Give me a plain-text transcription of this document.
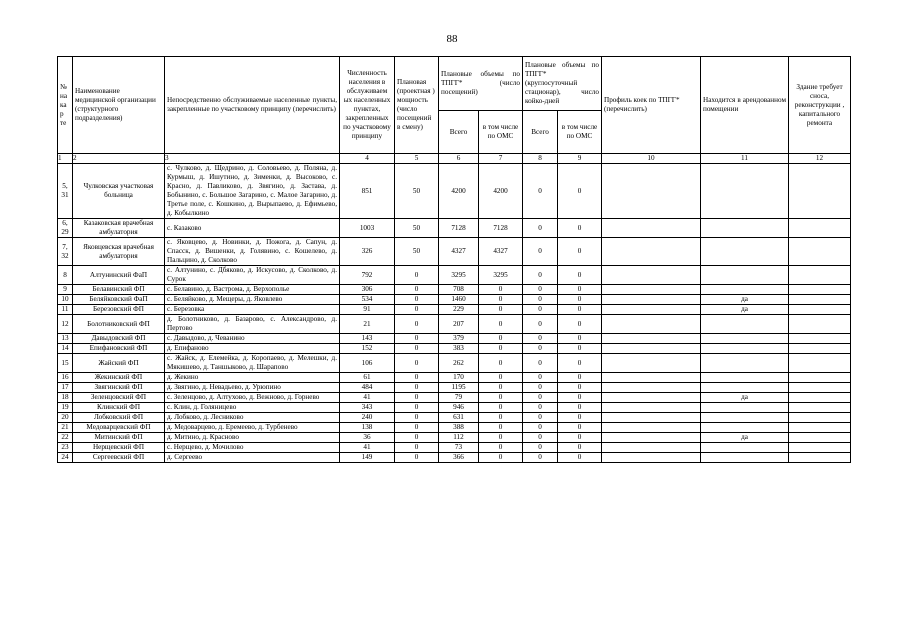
88
№ на кар те	Наименование медицинской организации (структурного подразделения)	Непосредственно обслуживаемые населенные пункты, закрепленные по участковому принципу (перечислить)	Численность населения в обслуживаем ых населенных пунктах, закрепленных по участковому принципу	Плановая (проектная ) мощность (число посещений в смену)	Плановые объемы по ТПГГ* (число посещений)		Плановые объемы по ТПГГ* (круглосуточный стационар), число койко-дней		Профиль коек по ТПГГ* (перечислить)	Находится в арендованном помещении	Здание требует сноса, реконструкции , капитального ремонта
					Всего	в том числе по ОМС	Всего	в том числе по ОМС			
1	2	3	4	5	6	7	8	9	10	11	12
5, 31	Чулковская участковая больница	с. Чулково, д. Щедрино, д. Соловьево, д. Поляна, д. Курмыш, д. Ишутино, д. Зименки, д. Высоково, с. Красно, д. Павликово, д. Звягино, д. Застава, д. Бобынино, с. Большое Загарино, с. Малое Загарино, д. Третье поле, с. Кошкино, д. Вырыпаево, д. Ефимьево, д. Кобылкино	851	50	4200	4200	0	0			
6, 29	Казаковская врачебная амбулатория	с. Казаково	1003	50	7128	7128	0	0			
7, 32	Яковцевская врачебная амбулатория	с. Яковцево, д. Новинки, д. Пожога, д. Сапун, д. Спасск, д. Вишенки, д. Голявино, с. Кошелево, д. Пальцино, д. Сколково	326	50	4327	4327	0	0			
8	Алтунинский ФаП	с. Алтунино, с. Дбяково, д. Искусово, д. Сколково, д. Сурок	792	0	3295	3295	0	0			
9	Белавинский ФП	с. Белавино, д. Вастрома, д. Верхополье	306	0	708	0	0	0			
10	Беляйковский ФаП	с. Беляйково, д. Мещеры, д. Яковлево	534	0	1460	0	0	0		да	
11	Березовский ФП	с. Березовка	91	0	229	0	0	0		да	
12	Болотниковский ФП	д. Болотниково, д. Базарово, с. Александрово, д. Пертово	21	0	207	0	0	0			
13	Давыдовский ФП	с. Давыдово, д. Чеванино	143	0	379	0	0	0			
14	Епифановский ФП	д. Епифаново	152	0	383	0	0	0			
15	Жайский ФП	с. Жайск, д. Елемейка, д. Коропаево, д. Мелешки, д. Мякишево, д. Таншыково, д. Шарапово	106	0	262	0	0	0			
16	Жекинский ФП	д. Жекино	61	0	170	0	0	0			
17	Звягинский ФП	д. Звягино, д. Невадьево, д. Урюпино	484	0	1195	0	0	0			
18	Зеленцовский ФП	с. Зеленцово, д. Алтухово, д. Вежново, д. Горнево	41	0	79	0	0	0		да	
19	Клинский ФП	с. Клин, д. Голяницево	343	0	946	0	0	0			
20	Лобковский ФП	д. Лобково, д. Лесниково	240	0	631	0	0	0			
21	Медоварцевский ФП	д. Медоварцево, д. Еремеево, д. Турбенево	138	0	388	0	0	0			
22	Митинский ФП	д. Митино, д. Красново	36	0	112	0	0	0		да	
23	Нерщевский ФП	с. Нерщево, д. Мочилово	41	0	73	0	0	0			
24	Сергеевский ФП	д. Сергеево	149	0	366	0	0	0			
